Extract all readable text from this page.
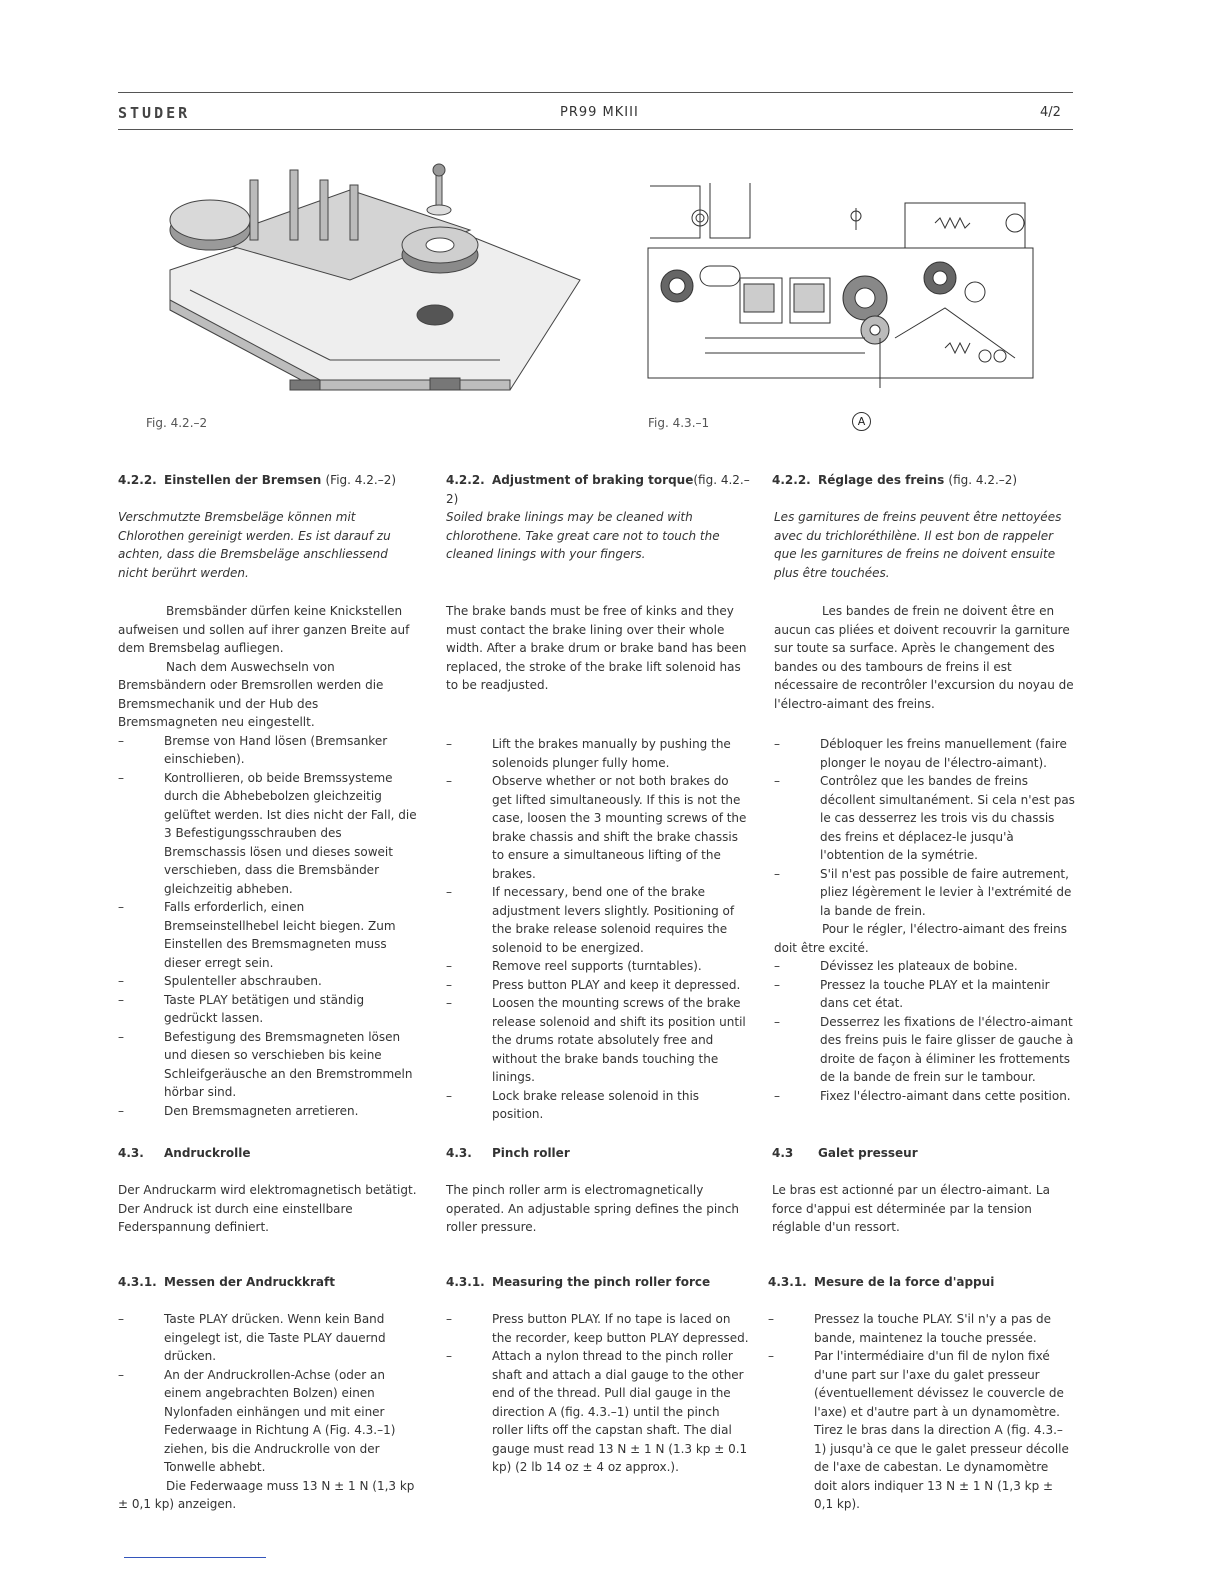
STUDER	PR99 MKIII	4/2
Fig. 4.2.–2	Fig. 4.3.–1	A

4.2.2. Einstellen der Bremsen (Fig. 4.2.–2)

Verschmutzte Bremsbeläge können mit Chlorothen gereinigt werden. Es ist darauf zu achten, dass die Bremsbeläge anschliessend nicht berührt werden.

Bremsbänder dürfen keine Knickstellen aufweisen und sollen auf ihrer ganzen Breite auf dem Bremsbelag aufliegen.

Nach dem Auswechseln von Bremsbändern oder Bremsrollen werden die Bremsmechanik und der Hub des Bremsmagneten neu eingestellt.

–	Bremse von Hand lösen (Bremsanker einschieben).
–	Kontrollieren, ob beide Bremssysteme durch die Abhebebolzen gleichzeitig gelüftet werden. Ist dies nicht der Fall, die 3 Befestigungsschrauben des Bremschassis lösen und dieses soweit verschieben, dass die Bremsbänder gleichzeitig abheben.
–	Falls erforderlich, einen Bremseinstellhebel leicht biegen. Zum Einstellen des Bremsmagneten muss dieser erregt sein.
–	Spulenteller abschrauben.
–	Taste PLAY betätigen und ständig gedrückt lassen.
–	Befestigung des Bremsmagneten lösen und diesen so verschieben bis keine Schleifgeräusche an den Bremstrommeln hörbar sind.
–	Den Bremsmagneten arretieren.

4.3. Andruckrolle

Der Andruckarm wird elektromagnetisch betätigt. Der Andruck ist durch eine einstellbare Federspannung definiert.

4.3.1. Messen der Andruckkraft

–	Taste PLAY drücken. Wenn kein Band eingelegt ist, die Taste PLAY dauernd drücken.
–	An der Andruckrollen-Achse (oder an einem angebrachten Bolzen) einen Nylonfaden einhängen und mit einer Federwaage in Richtung A (Fig. 4.3.–1) ziehen, bis die Andruckrolle von der Tonwelle abhebt.

Die Federwaage muss 13 N ± 1 N (1,3 kp ± 0,1 kp) anzeigen.

4.2.2. Adjustment of braking torque(fig. 4.2.–2)

Soiled brake linings may be cleaned with chlorothene. Take great care not to touch the cleaned linings with your fingers.

The brake bands must be free of kinks and they must contact the brake lining over their whole width. After a brake drum or brake band has been replaced, the stroke of the brake lift solenoid has to be readjusted.

–	Lift the brakes manually by pushing the solenoids plunger fully home.
–	Observe whether or not both brakes do get lifted simultaneously. If this is not the case, loosen the 3 mounting screws of the brake chassis and shift the brake chassis to ensure a simultaneous lifting of the brakes.
–	If necessary, bend one of the brake adjustment levers slightly. Positioning of the brake release solenoid requires the solenoid to be energized.
–	Remove reel supports (turntables).
–	Press button PLAY and keep it depressed.
–	Loosen the mounting screws of the brake release solenoid and shift its position until the drums rotate absolutely free and without the brake bands touching the linings.
–	Lock brake release solenoid in this position.

4.3. Pinch roller

The pinch roller arm is electromagnetically operated. An adjustable spring defines the pinch roller pressure.

4.3.1. Measuring the pinch roller force

–	Press button PLAY. If no tape is laced on the recorder, keep button PLAY depressed.
–	Attach a nylon thread to the pinch roller shaft and attach a dial gauge to the other end of the thread. Pull dial gauge in the direction A (fig. 4.3.–1) until the pinch roller lifts off the capstan shaft. The dial gauge must read 13 N ± 1 N (1.3 kp ± 0.1 kp) (2 lb 14 oz ± 4 oz approx.).

4.2.2. Réglage des freins (fig. 4.2.–2)

Les garnitures de freins peuvent être nettoyées avec du trichloréthilène. Il est bon de rappeler que les garnitures de freins ne doivent ensuite plus être touchées.

Les bandes de frein ne doivent être en aucun cas pliées et doivent recouvrir la garniture sur toute sa surface. Après le changement des bandes ou des tambours de freins il est nécessaire de recontrôler l'excursion du noyau de l'électro-aimant des freins.

–	Débloquer les freins manuellement (faire plonger le noyau de l'électro-aimant).
–	Contrôlez que les bandes de freins décollent simultanément. Si cela n'est pas le cas desserrez les trois vis du chassis des freins et déplacez-le jusqu'à l'obtention de la symétrie.
–	S'il n'est pas possible de faire autrement, pliez légèrement le levier à l'extrémité de la bande de frein.

Pour le régler, l'électro-aimant des freins doit être excité.

–	Dévissez les plateaux de bobine.
–	Pressez la touche PLAY et la maintenir dans cet état.
–	Desserrez les fixations de l'électro-aimant des freins puis le faire glisser de gauche à droite de façon à éliminer les frottements de la bande de frein sur le tambour.
–	Fixez l'électro-aimant dans cette position.

4.3 Galet presseur

Le bras est actionné par un électro-aimant. La force d'appui est déterminée par la tension réglable d'un ressort.

4.3.1. Mesure de la force d'appui

–	Pressez la touche PLAY. S'il n'y a pas de bande, maintenez la touche pressée.
–	Par l'intermédiaire d'un fil de nylon fixé d'une part sur l'axe du galet presseur (éventuellement dévissez le couvercle de l'axe) et d'autre part à un dynamomètre. Tirez le bras dans la direction A (fig. 4.3.–1) jusqu'à ce que le galet presseur décolle de l'axe de cabestan. Le dynamomètre doit alors indiquer 13 N ± 1 N (1,3 kp ± 0,1 kp).
